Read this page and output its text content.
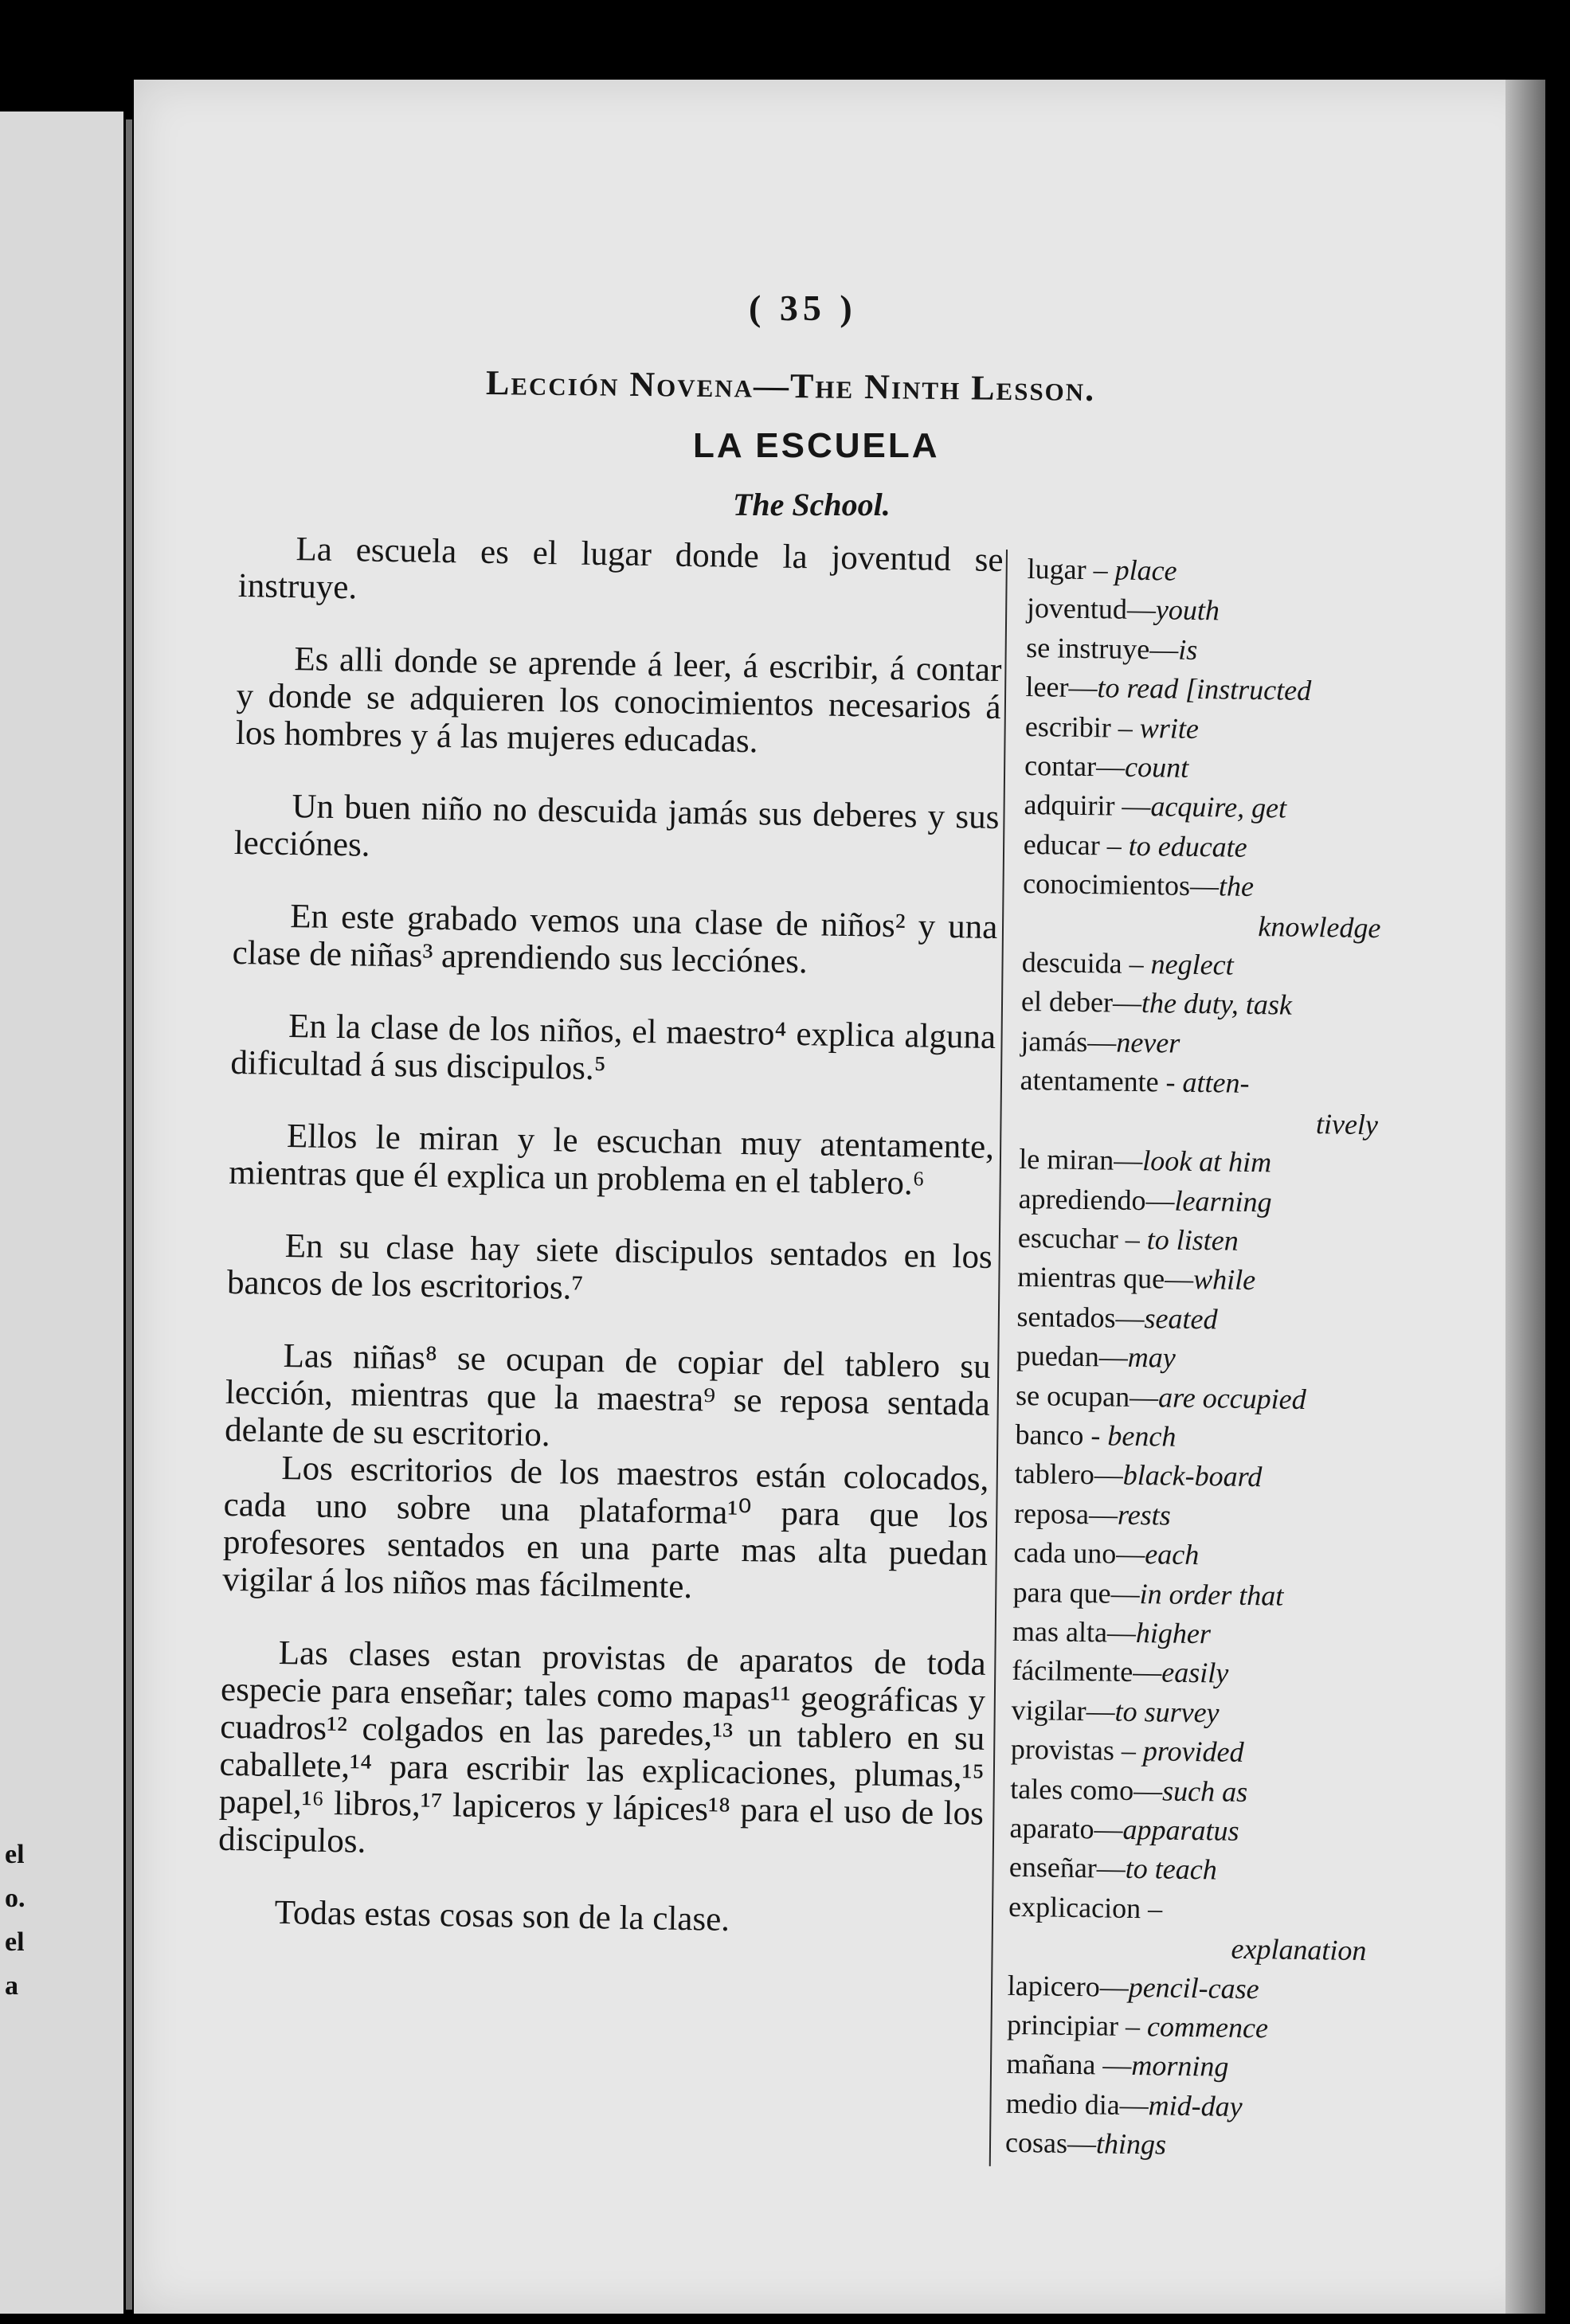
el
o.
el
a
( 35 )
Lección Novena—The Ninth Lesson.
LA ESCUELA
The School.

La escuela es el lugar donde la joventud se instruye.

Es alli donde se aprende á leer, á escribir, á contar y donde se adquieren los conocimientos necesarios á los hombres y á las mujeres educadas.

Un buen niño no descuida jamás sus deberes y sus lecciónes.

En este grabado vemos una clase de niños² y una clase de niñas³ aprendiendo sus lecciónes.

En la clase de los niños, el maestro⁴ explica alguna dificultad á sus discipulos.⁵

Ellos le miran y le escuchan muy atentamente, mientras que él explica un problema en el tablero.⁶

En su clase hay siete discipulos sentados en los bancos de los escritorios.⁷

Las niñas⁸ se ocupan de copiar del tablero su lección, mientras que la maestra⁹ se reposa sentada delante de su escritorio.

Los escritorios de los maestros están colocados, cada uno sobre una plataforma¹⁰ para que los profesores sentados en una parte mas alta puedan vigilar á los niños mas fácilmente.

Las clases estan provistas de aparatos de toda especie para enseñar; tales como mapas¹¹ geográficas y cuadros¹² colgados en las paredes,¹³ un tablero en su caballete,¹⁴ para escribir las explicaciones, plumas,¹⁵ papel,¹⁶ libros,¹⁷ lapiceros y lápices¹⁸ para el uso de los discipulos.

Todas estas cosas son de la clase.

lugar – place
joventud—youth
se instruye—is
leer—to read [instructed
escribir – write
contar—count
adquirir —acquire, get
educar – to educate
conocimientos—the
knowledge
descuida – neglect
el deber—the duty, task
jamás—never
atentamente - atten-
tively
le miran—look at him
aprediendo—learning
escuchar – to listen
mientras que—while
sentados—seated
puedan—may
se ocupan—are occupied
banco - bench
tablero—black-board
reposa—rests
cada uno—each
para que—in order that
mas alta—higher
fácilmente—easily
vigilar—to survey
provistas – provided
tales como—such as
aparato—apparatus
enseñar—to teach
explicacion –
explanation
lapicero—pencil-case
principiar – commence
mañana —morning
medio dia—mid-day
cosas—things
